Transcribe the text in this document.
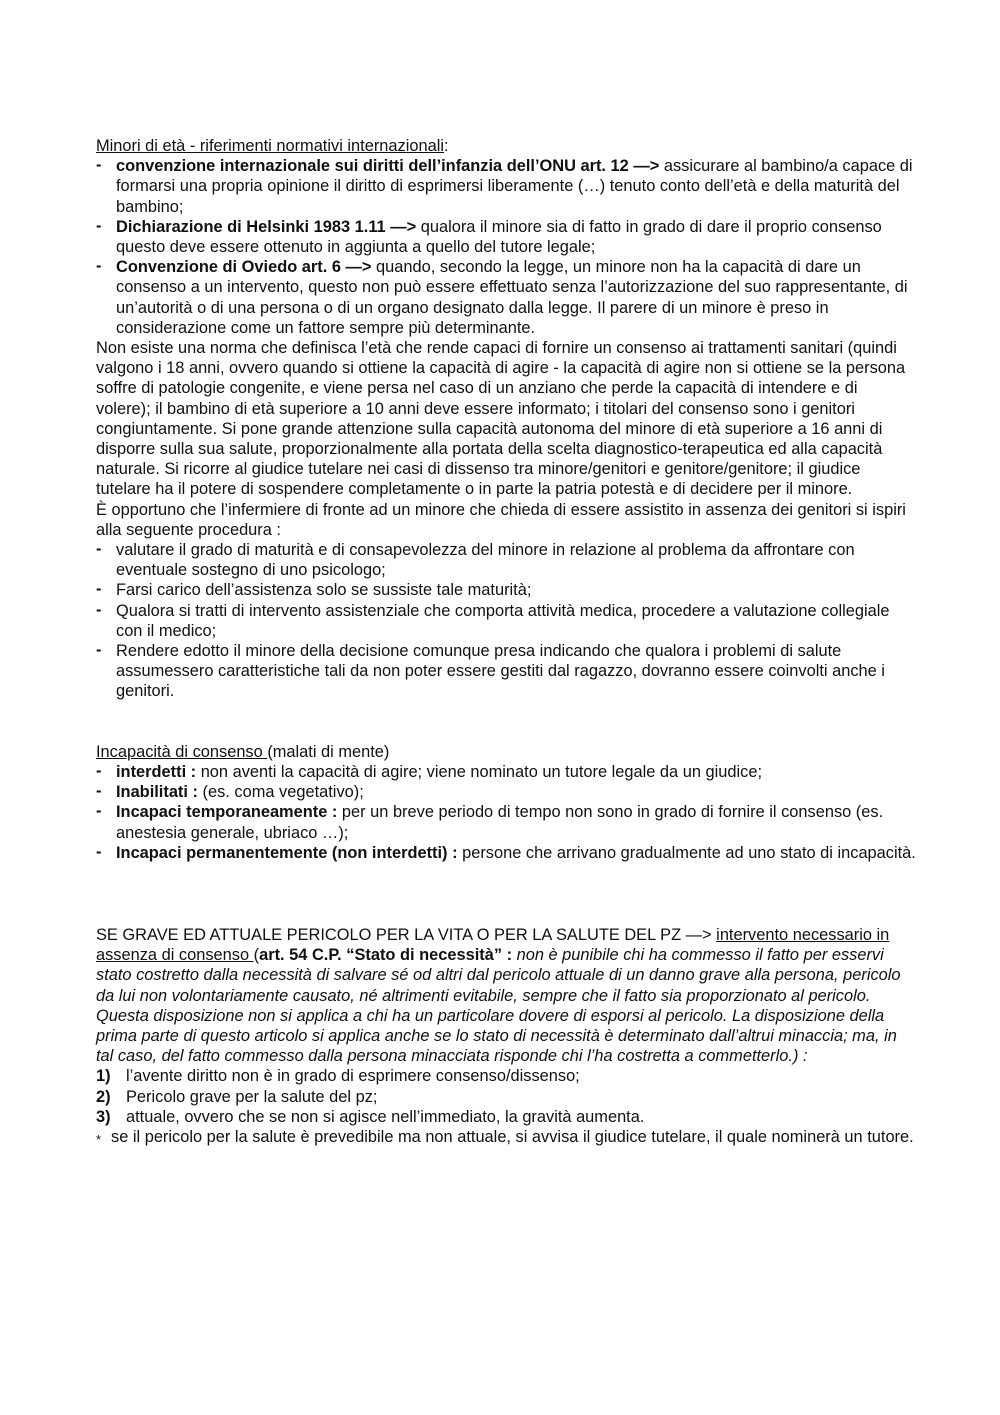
Minori di età - riferimenti normativi internazionali:
- convenzione internazionale sui diritti dell’infanzia dell’ONU art. 12 —> assicurare al bambino/a capace di formarsi una propria opinione il diritto di esprimersi liberamente (…) tenuto conto dell’età e della maturità del bambino;
- Dichiarazione di Helsinki 1983 1.11 —> qualora il minore sia di fatto in grado di dare il proprio consenso questo deve essere ottenuto in aggiunta a quello del tutore legale;
- Convenzione di Oviedo art. 6 —> quando, secondo la legge, un minore non ha la capacità di dare un consenso a un intervento, questo non può essere effettuato senza l’autorizzazione del suo rappresentante, di un’autorità o di una persona o di un organo designato dalla legge. Il parere di un minore è preso in considerazione come un fattore sempre più determinante.
Non esiste una norma che definisca l’età che rende capaci di fornire un consenso ai trattamenti sanitari (quindi valgono i 18 anni, ovvero quando si ottiene la capacità di agire - la capacità di agire non si ottiene se la persona soffre di patologie congenite, e viene persa nel caso di un anziano che perde la capacità di intendere e di volere); il bambino di età superiore a 10 anni deve essere informato; i titolari del consenso sono i genitori congiuntamente. Si pone grande attenzione sulla capacità autonoma del minore di età superiore a 16 anni di disporre sulla sua salute, proporzionalmente alla portata della scelta diagnostico-terapeutica ed alla capacità naturale. Si ricorre al giudice tutelare nei casi di dissenso tra minore/genitori e genitore/genitore; il giudice tutelare ha il potere di sospendere completamente o in parte la patria potestà e di decidere per il minore.
È opportuno che l’infermiere di fronte ad un minore che chieda di essere assistito in assenza dei genitori si ispiri alla seguente procedura :
- valutare il grado di maturità e di consapevolezza del minore in relazione al problema da affrontare con eventuale sostegno di uno psicologo;
- Farsi carico dell’assistenza solo se sussiste tale maturità;
- Qualora si tratti di intervento assistenziale che comporta attività medica, procedere a valutazione collegiale con il medico;
- Rendere edotto il minore della decisione comunque presa indicando che qualora i problemi di salute assumessero caratteristiche tali da non poter essere gestiti dal ragazzo, dovranno essere coinvolti anche i genitori.
Incapacità di consenso (malati di mente)
- interdetti : non aventi la capacità di agire; viene nominato un tutore legale da un giudice;
- Inabilitati : (es. coma vegetativo);
- Incapaci temporaneamente : per un breve periodo di tempo non sono in grado di fornire il consenso (es. anestesia generale, ubriaco …);
- Incapaci permanentemente (non interdetti) : persone che arrivano gradualmente ad uno stato di incapacità.
SE GRAVE ED ATTUALE PERICOLO PER LA VITA O PER LA SALUTE DEL PZ —> intervento necessario in assenza di consenso (art. 54 C.P. “Stato di necessità” : non è punibile chi ha commesso il fatto per esservi stato costretto dalla necessità di salvare sé od altri dal pericolo attuale di un danno grave alla persona, pericolo da lui non volontariamente causato, né altrimenti evitabile, sempre che il fatto sia proporzionato al pericolo. Questa disposizione non si applica a chi ha un particolare dovere di esporsi al pericolo. La disposizione della prima parte di questo articolo si applica anche se lo stato di necessità è determinato dall’altrui minaccia; ma, in tal caso, del fatto commesso dalla persona minacciata risponde chi l’ha costretta a commetterlo.) :
1) l’avente diritto non è in grado di esprimere consenso/dissenso;
2) Pericolo grave per la salute del pz;
3) attuale, ovvero che se non si agisce nell’immediato, la gravità aumenta.
* se il pericolo per la salute è prevedibile ma non attuale, si avvisa il giudice tutelare, il quale nominerà un tutore.
